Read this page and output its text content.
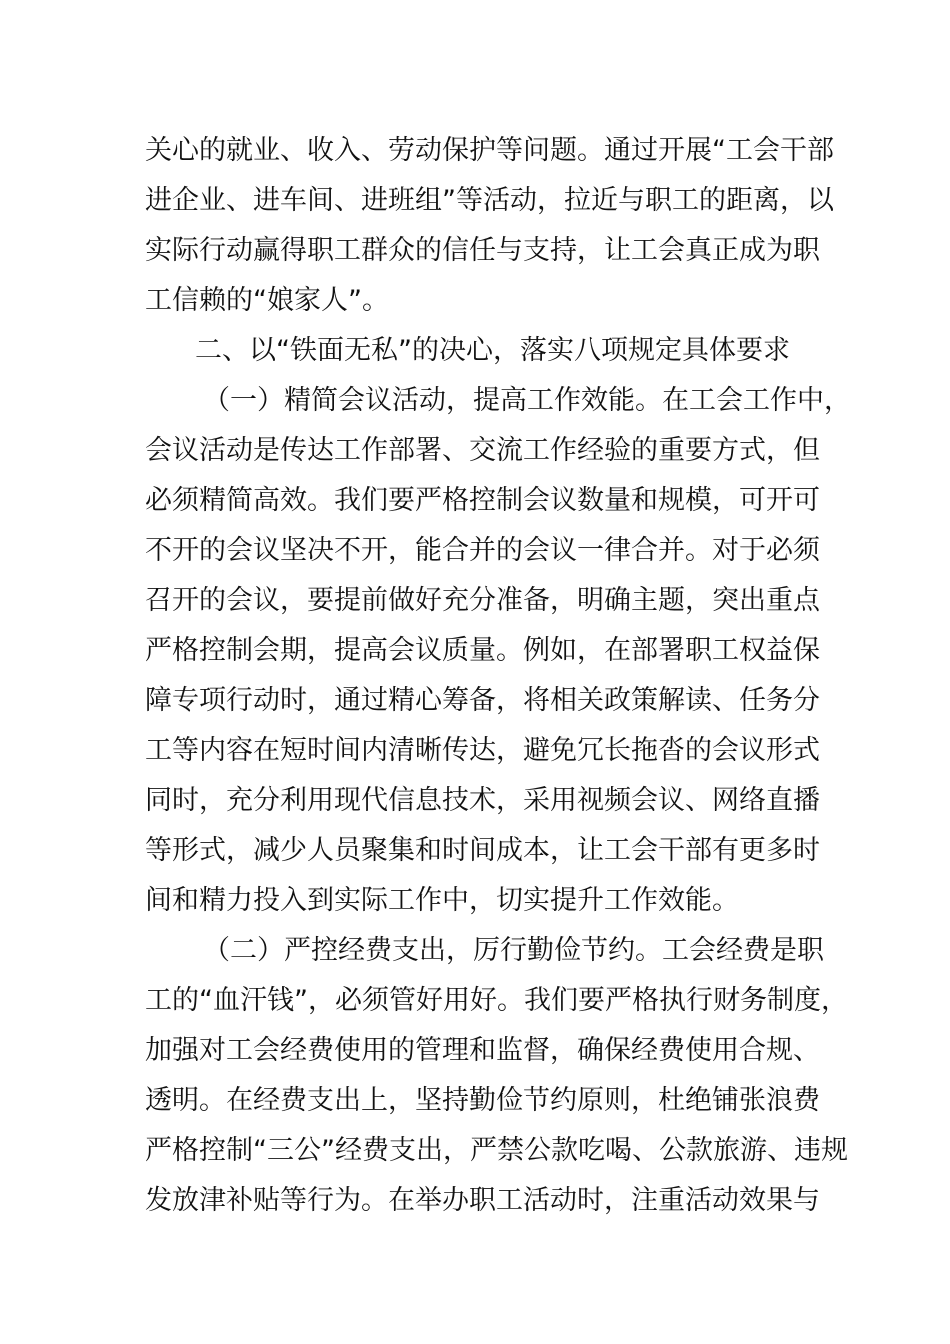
关心的就业、收入、劳动保护等问题。通过开展“工会干部
进企业、进车间、进班组”等活动，拉近与职工的距离，以
实际行动赢得职工群众的信任与支持，让工会真正成为职
工信赖的“娘家人”。
二、以“铁面无私”的决心，落实八项规定具体要求
（一）精简会议活动，提高工作效能。在工会工作中，
会议活动是传达工作部署、交流工作经验的重要方式，但
必须精简高效。我们要严格控制会议数量和规模，可开可
不开的会议坚决不开，能合并的会议一律合并。对于必须
召开的会议，要提前做好充分准备，明确主题，突出重点
严格控制会期，提高会议质量。例如，在部署职工权益保
障专项行动时，通过精心筹备，将相关政策解读、任务分
工等内容在短时间内清晰传达，避免冗长拖沓的会议形式
同时，充分利用现代信息技术，采用视频会议、网络直播
等形式，减少人员聚集和时间成本，让工会干部有更多时
间和精力投入到实际工作中，切实提升工作效能。
（二）严控经费支出，厉行勤俭节约。工会经费是职
工的“血汗钱”，必须管好用好。我们要严格执行财务制度，
加强对工会经费使用的管理和监督，确保经费使用合规、
透明。在经费支出上，坚持勤俭节约原则，杜绝铺张浪费
严格控制“三公”经费支出，严禁公款吃喝、公款旅游、违规
发放津补贴等行为。在举办职工活动时，注重活动效果与
